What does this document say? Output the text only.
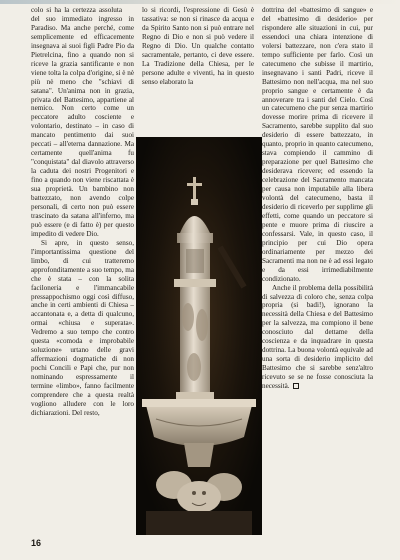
colo si ha la certezza assoluta del suo immediato ingresso in Paradiso. Ma anche perché, come semplicemente ed efficacemente insegnava ai suoi figli Padre Pio da Pietrelcina, fino a quando non si riceve la grazia santificante e non viene tolta la colpa d'origine, si è nè più nè meno che "schiavi di satana". Un'anima non in grazia, privata del Battesimo, appartiene al nemico. Non certo come un peccatore adulto cosciente e volontario, destinato – in caso di mancato pentimento dai suoi peccati – all'eterna dannazione. Ma certamente quell'anima fu "conquistata" dal diavolo attraverso la caduta dei nostri Progenitori e fino a quando non viene riscattata è sua proprietà. Un bambino non battezzato, non avendo colpe personali, di certo non può essere trascinato da satana all'inferno, ma può essere (e di fatto è) per questo impedito di vedere Dio.

Si apre, in questo senso, l'importantissima questione del limbo, di cui tratteremo approfonditamente a suo tempo, ma che è stata – con la solita faciloneria e l'immancabile pressappochismo oggi così diffuso, anche in certi ambienti di Chiesa – accantonata e, a detta di qualcuno, ormai «chiusa e superata». Vedremo a suo tempo che contro questa «comoda e improbabile soluzione» urtano delle gravi affermazioni dogmatiche di non pochi Concili e Papi che, pur non nominando espressamente il termine «limbo», fanno facilmente comprendere che a questa realtà vogliono alludere con le loro dichiarazioni. Del resto,

lo si ricordi, l'espressione di Gesù è tassativa: se non si rinasce da acqua e da Spirito Santo non si può entrare nel Regno di Dio e non si può vedere il Regno di Dio. Un qualche contatto sacramentale, pertanto, ci deve essere. La Tradizione della Chiesa, per le persone adulte e viventi, ha in questo senso elaborato la

dottrina del «battesimo di sangue» e del «battesimo di desiderio» per rispondere alle situazioni in cui, pur essendoci una chiara intenzione di volersi battezzare, non c'era stato il tempo sufficiente per farlo. Così un catecumeno che subisse il martirio, insegnavano i santi Padri, riceve il Battesimo non nell'acqua, ma nel suo proprio sangue e certamente è da annoverare tra i santi del Cielo. Così un catecumeno che pur senza martirio dovesse morire prima di ricevere il Sacramento, sarebbe supplito dal suo desiderio di essere battezzato, in quanto, proprio in quanto catecumeno, stava compiendo il cammino di preparazione per quel Battesimo che desiderava ricevere; ed essendo la celebrazione del Sacramento mancata per causa non imputabile alla libera volontà del catecumeno, basta il desiderio di riceverlo per supplirne gli effetti, come quando un peccatore si pente e muore prima di riuscire a confessarsi. Vale, in questo caso, il principio per cui Dio opera ordinariamente per mezzo dei Sacramenti ma non ne è ad essi legato e da essi irrimediabilmente condizionato.

Anche il problema della possibilità di salvezza di coloro che, senza colpa propria (si badi!), ignorano la necessità della Chiesa e del Battesimo per la salvezza, ma compiono il bene conosciuto dal dettame della coscienza e da inquadrare in questa dottrina. La buona volontà equivale ad una sorta di desiderio implicito del Battesimo che si sarebbe senz'altro ricevuto se se ne fosse conosciuta la necessità.

16
